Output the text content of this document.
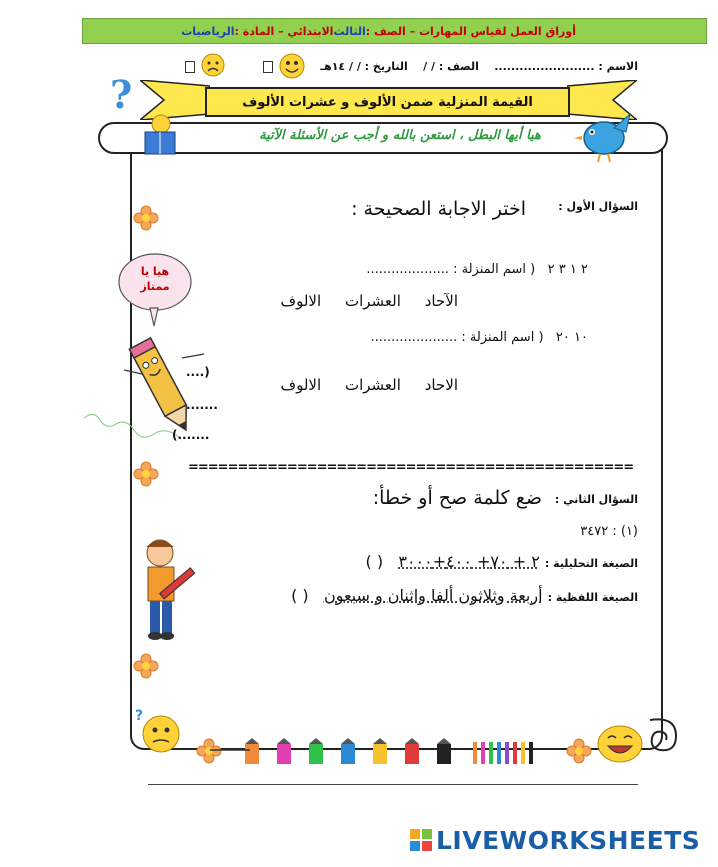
أوراق العمل لقياس المهارات – الصف :
الثالث
الابتدائي – المادة :
الرياضيات
الاسم : ........................    الصف : / /    التاريخ : / / ١٤هـ
?	القيمة المنزلية ضمن الألوف و عشرات الألوف
هيا أيها البطل ، استعن بالله و أجب عن الأسئلة الآتية
هيا يا ممتاز
السؤال الأول :
اختر الاجابة الصحيحة :
٢ ١ ٣ ٢   ( اسم المنزلة : ....................
الآحاد     العشرات     الالوف
١٠ ٢٠   ( اسم المنزلة : .....................
الاحاد     العشرات     الالوف
....)
.......
(.......
=============================================
السؤال الثاني :
ضع كلمة صح أو خطأ:
(١) : ٣٤٧٢
الصيغة التحليلية : ٢ + ٧٠+ ٤٠٠+٣٠٠٠   ( )
الصيغة اللفظية : أربعة وثلاثون ألفا واثنان و سبعون   ( )
?
LIVEWORKSHEETS
